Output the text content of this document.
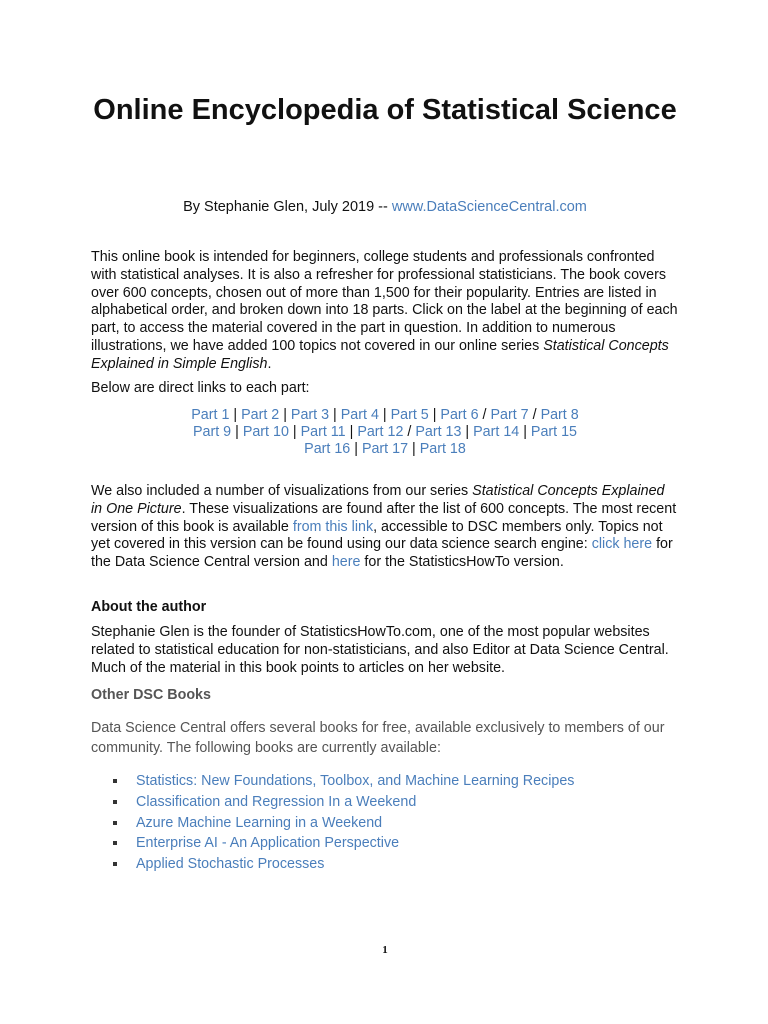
Online Encyclopedia of Statistical Science
By Stephanie Glen, July 2019 -- www.DataScienceCentral.com

This online book is intended for beginners, college students and professionals confronted with statistical analyses. It is also a refresher for professional statisticians. The book covers over 600 concepts, chosen out of more than 1,500 for their popularity. Entries are listed in alphabetical order, and broken down into 18 parts. Click on the label at the beginning of each part, to access the material covered in the part in question. In addition to numerous illustrations, we have added 100 topics not covered in our online series Statistical Concepts Explained in Simple English.

Below are direct links to each part:

Part 1 | Part 2 | Part 3 | Part 4 | Part 5 | Part 6 / Part 7 / Part 8
Part 9 | Part 10 | Part 11 | Part 12 / Part 13 | Part 14 | Part 15
Part 16 | Part 17 | Part 18

We also included a number of visualizations from our series Statistical Concepts Explained in One Picture. These visualizations are found after the list of 600 concepts. The most recent version of this book is available from this link, accessible to DSC members only. Topics not yet covered in this version can be found using our data science search engine: click here for the Data Science Central version and here for the StatisticsHowTo version.

About the author

Stephanie Glen is the founder of StatisticsHowTo.com, one of the most popular websites related to statistical education for non-statisticians, and also Editor at Data Science Central. Much of the material in this book points to articles on her website.

Other DSC Books

Data Science Central offers several books for free, available exclusively to members of our community. The following books are currently available:

Statistics: New Foundations, Toolbox, and Machine Learning Recipes
Classification and Regression In a Weekend
Azure Machine Learning in a Weekend
Enterprise AI - An Application Perspective
Applied Stochastic Processes
1
